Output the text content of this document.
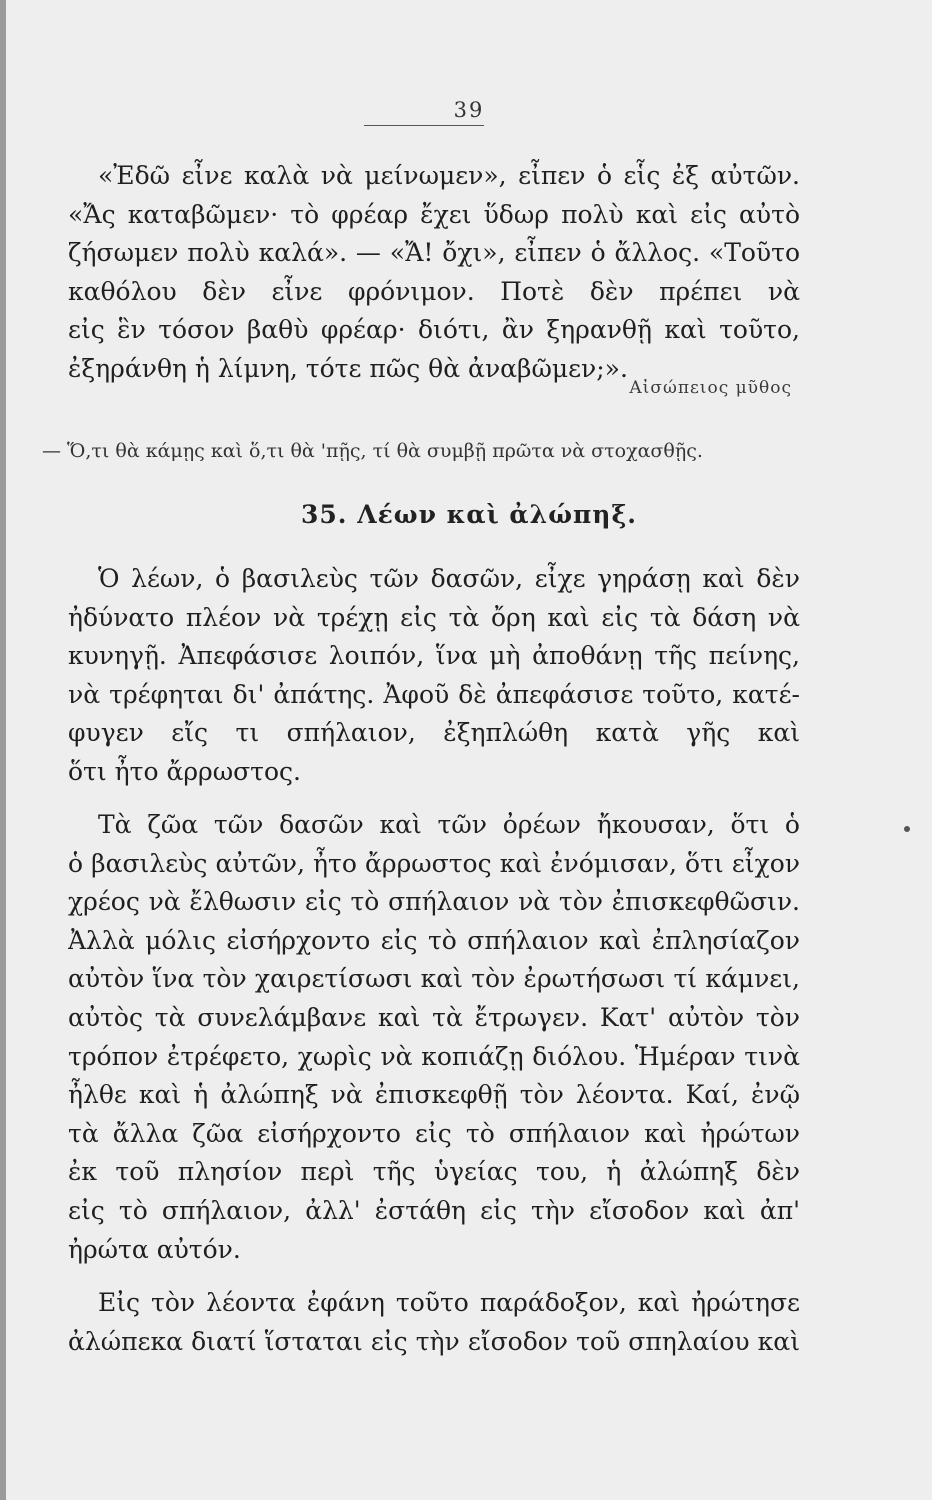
39
«Ἐδῶ εἶνε καλὰ νὰ μείνωμεν», εἶπεν ὁ εἷς ἐξ αὐτῶν.
«Ἄς καταβῶμεν· τὸ φρέαρ ἔχει ὕδωρ πολὺ καὶ εἰς αὐτὸ
ζήσωμεν πολὺ καλά». — «Ἄ! ὄχι», εἶπεν ὁ ἄλλος. «Τοῦτο
καθόλου δὲν εἶνε φρόνιμον. Ποτὲ δὲν πρέπει νὰ
εἰς ἓν τόσον βαθὺ φρέαρ· διότι, ἂν ξηρανθῇ καὶ τοῦτο,
ἐξηράνθη ἡ λίμνη, τότε πῶς θὰ ἀναβῶμεν;».
Αἰσώπειος μῦθος
— Ὅ,τι θὰ κάμῃς καὶ ὅ,τι θὰ 'πῇς, τί θὰ συμβῇ πρῶτα νὰ στοχασθῇς.
35. Λέων καὶ ἀλώπηξ.
Ὁ λέων, ὁ βασιλεὺς τῶν δασῶν, εἶχε γηράσῃ καὶ δὲν
ἠδύνατο πλέον νὰ τρέχῃ εἰς τὰ ὄρη καὶ εἰς τὰ δάση νὰ
κυνηγῇ. Ἀπεφάσισε λοιπόν, ἵνα μὴ ἀποθάνῃ τῆς πείνης,
νὰ τρέφηται δι' ἀπάτης. Ἀφοῦ δὲ ἀπεφάσισε τοῦτο, κατέ-
φυγεν εἴς τι σπήλαιον, ἐξηπλώθη κατὰ γῆς καὶ
ὅτι ἦτο ἄρρωστος.
Τὰ ζῶα τῶν δασῶν καὶ τῶν ὀρέων ἤκουσαν, ὅτι ὁ
ὁ βασιλεὺς αὐτῶν, ἦτο ἄρρωστος καὶ ἐνόμισαν, ὅτι εἶχον
χρέος νὰ ἔλθωσιν εἰς τὸ σπήλαιον νὰ τὸν ἐπισκεφθῶσιν.
Ἀλλὰ μόλις εἰσήρχοντο εἰς τὸ σπήλαιον καὶ ἐπλησίαζον
αὐτὸν ἵνα τὸν χαιρετίσωσι καὶ τὸν ἐρωτήσωσι τί κάμνει,
αὐτὸς τὰ συνελάμβανε καὶ τὰ ἔτρωγεν. Κατ' αὐτὸν τὸν
τρόπον ἐτρέφετο, χωρὶς νὰ κοπιάζῃ διόλου. Ἡμέραν τινὰ
ἦλθε καὶ ἡ ἀλώπηξ νὰ ἐπισκεφθῇ τὸν λέοντα. Καί, ἐνῷ
τὰ ἄλλα ζῶα εἰσήρχοντο εἰς τὸ σπήλαιον καὶ ἠρώτων
ἐκ τοῦ πλησίον περὶ τῆς ὑγείας του, ἡ ἀλώπηξ δὲν
εἰς τὸ σπήλαιον, ἀλλ' ἐστάθη εἰς τὴν εἴσοδον καὶ ἀπ'
ἠρώτα αὐτόν.
Εἰς τὸν λέοντα ἐφάνη τοῦτο παράδοξον, καὶ ἠρώτησε
ἀλώπεκα διατί ἵσταται εἰς τὴν εἴσοδον τοῦ σπηλαίου καὶ
